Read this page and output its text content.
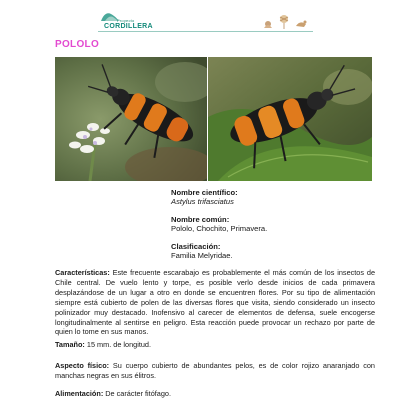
Proyecto
CORDILLERA
POLOLO
Nombre científico:
Astylus trifasciatus
Nombre común:
Pololo, Chochito, Primavera.
Clasificación:
Familia Melyridae.

Características: Este frecuente escarabajo es probablemente el más común de los insectos de Chile central. De vuelo lento y torpe, es posible verlo desde inicios de cada primavera desplazándose de un lugar a otro en donde se encuentren flores. Por su tipo de alimentación siempre está cubierto de polen de las diversas flores que visita, siendo considerado un insecto polinizador muy destacado. Inofensivo al carecer de elementos de defensa, suele encogerse longitudinalmente al sentirse en peligro. Esta reacción puede provocar un rechazo por parte de quien lo tome en sus manos.

Tamaño: 15 mm. de longitud.

Aspecto físico: Su cuerpo cubierto de abundantes pelos, es de color rojizo anaranjado con manchas negras en sus élitros.

Alimentación: De carácter fitófago.
